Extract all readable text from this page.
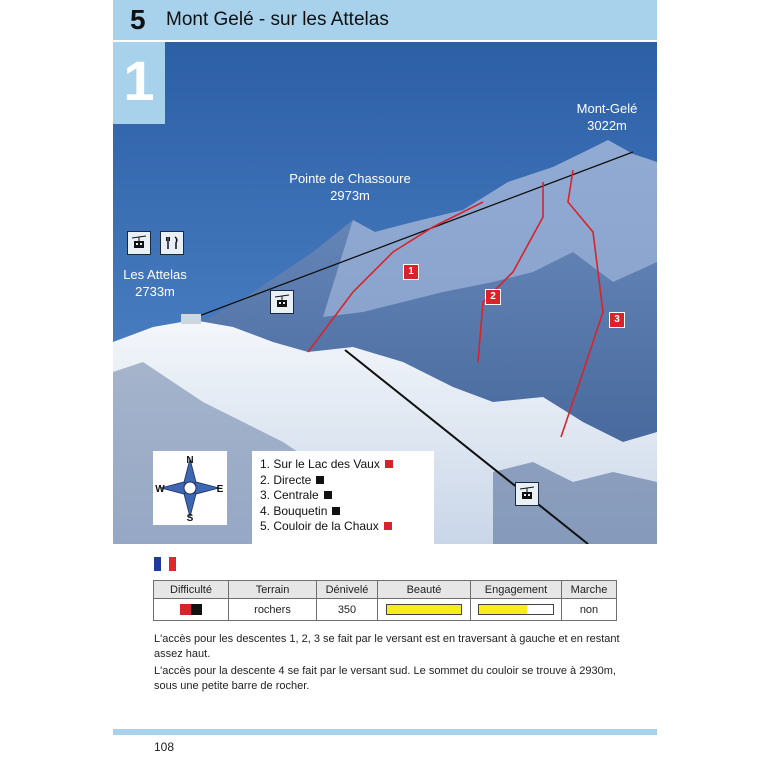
5 Mont Gelé - sur les Attelas
1	Mont-Gelé
3022m
Pointe de Chassoure
2973m
Les Attelas
2733m
1
2
3
N
S
E
W
1. Sur le Lac des Vaux
2. Directe
3. Centrale
4. Bouquetin
5. Couloir de la Chaux
Difficulté	Terrain	Dénivelé	Beauté	Engagement	Marche
	rochers	350			non
L'accès pour les descentes 1, 2, 3 se fait par le versant est en traversant à gauche et en restant assez haut.
L'accès pour la descente 4 se fait par le versant sud. Le sommet du couloir se trouve à 2930m, sous une petite barre de rocher.
108
